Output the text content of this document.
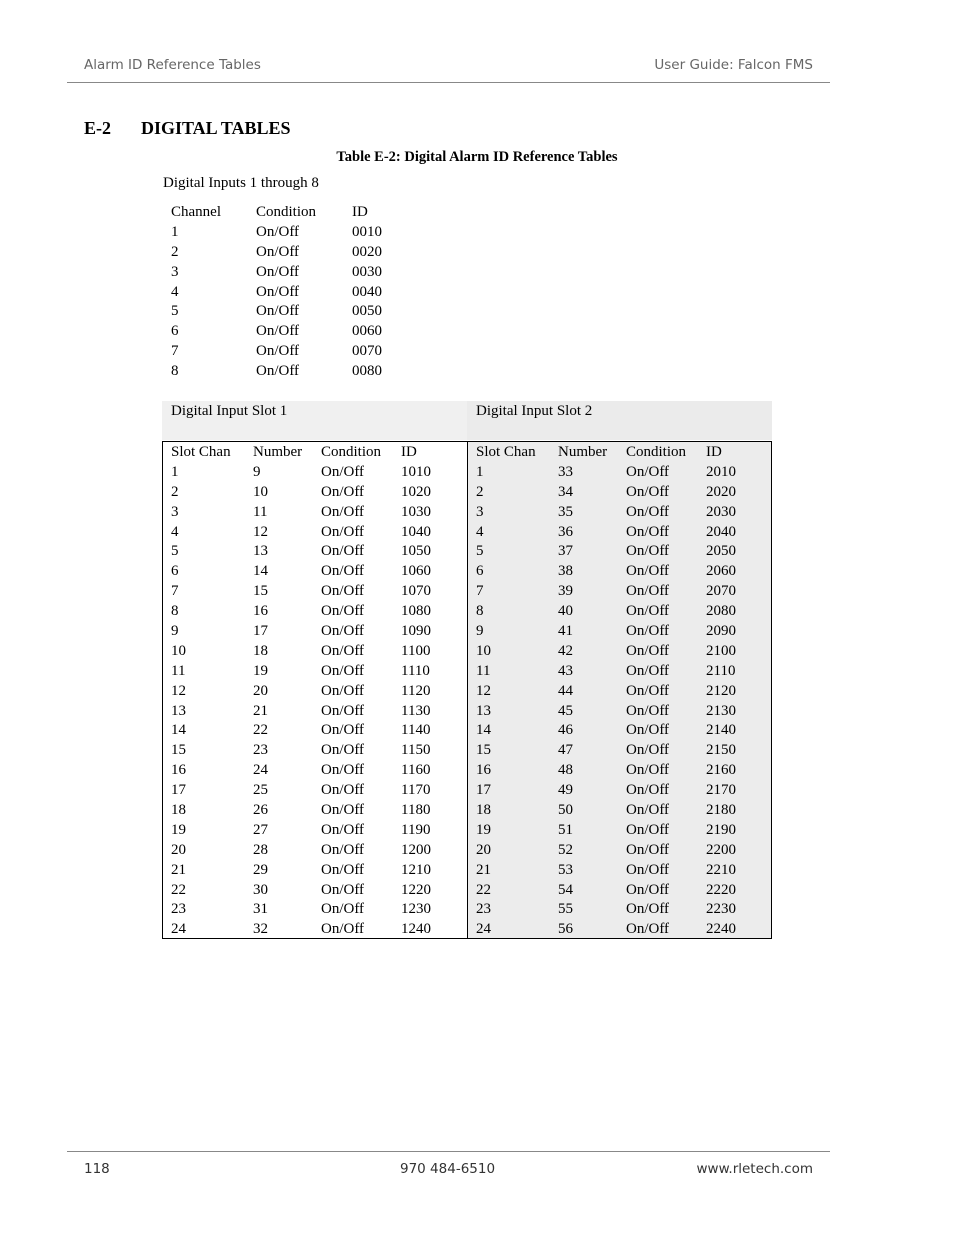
Alarm ID Reference Tables	User Guide: Falcon FMS
E-2 DIGITAL TABLES
Table E-2: Digital Alarm ID Reference Tables
Digital Inputs 1 through 8
Channel Condition ID
1	On/Off	0010
2	On/Off	0020
3	On/Off	0030
4	On/Off	0040
5	On/Off	0050
6	On/Off	0060
7	On/Off	0070
8	On/Off	0080
Digital Input Slot 1	Digital Input Slot 2
Slot Chan Number Condition ID
1	9	On/Off 1010
2	10	On/Off 1020
3	11	On/Off 1030
4	12	On/Off 1040
5	13	On/Off 1050
6	14	On/Off 1060
7	15	On/Off 1070
8	16	On/Off 1080
9	17	On/Off 1090
10	18	On/Off 1100
11	19	On/Off 1110
12	20	On/Off 1120
13	21	On/Off 1130
14	22	On/Off 1140
15	23	On/Off 1150
16	24	On/Off 1160
17	25	On/Off 1170
18	26	On/Off 1180
19	27	On/Off 1190
20	28	On/Off 1200
21	29	On/Off 1210
22	30	On/Off 1220
23	31	On/Off 1230
24	32	On/Off 1240
Slot Chan Number Condition ID
1	33	On/Off 2010
2	34	On/Off 2020
3	35	On/Off 2030
4	36	On/Off 2040
5	37	On/Off 2050
6	38	On/Off 2060
7	39	On/Off 2070
8	40	On/Off 2080
9	41	On/Off 2090
10	42	On/Off 2100
11	43	On/Off 2110
12	44	On/Off 2120
13	45	On/Off 2130
14	46	On/Off 2140
15	47	On/Off 2150
16	48	On/Off 2160
17	49	On/Off 2170
18	50	On/Off 2180
19	51	On/Off 2190
20	52	On/Off 2200
21	53	On/Off 2210
22	54	On/Off 2220
23	55	On/Off 2230
24	56	On/Off 2240
118	970 484-6510	www.rletech.com
